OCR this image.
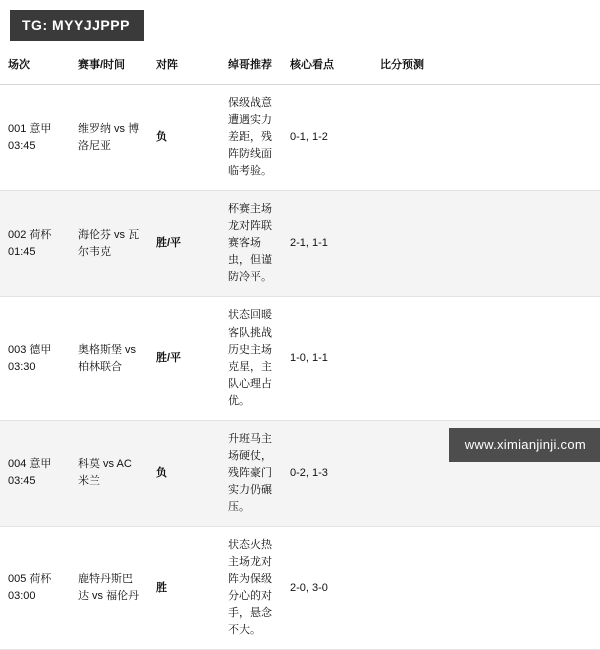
TG: MYYJJPPP
场次	赛事/时间	对阵	绰哥推荐	核心看点	比分预测	
001 意甲 03:45	维罗纳 vs 博洛尼亚	负	保级战意遭遇实力差距，残阵防线面临考验。	0-1, 1-2		
002 荷杯 01:45	海伦芬 vs 瓦尔韦克	胜/平	杯赛主场龙对阵联赛客场虫，但谨防冷平。	2-1, 1-1		
003 德甲 03:30	奥格斯堡 vs 柏林联合	胜/平	状态回暖客队挑战历史主场克星，主队心理占优。	1-0, 1-1		
004 意甲 03:45	科莫 vs AC米兰	负	升班马主场硬仗，残阵豪门实力仍碾压。	0-2, 1-3		
005 荷杯 03:00	鹿特丹斯巴达 vs 福伦丹	胜	状态火热主场龙对阵为保级分心的对手，悬念不大。	2-0, 3-0		
www.ximianjinji.com
